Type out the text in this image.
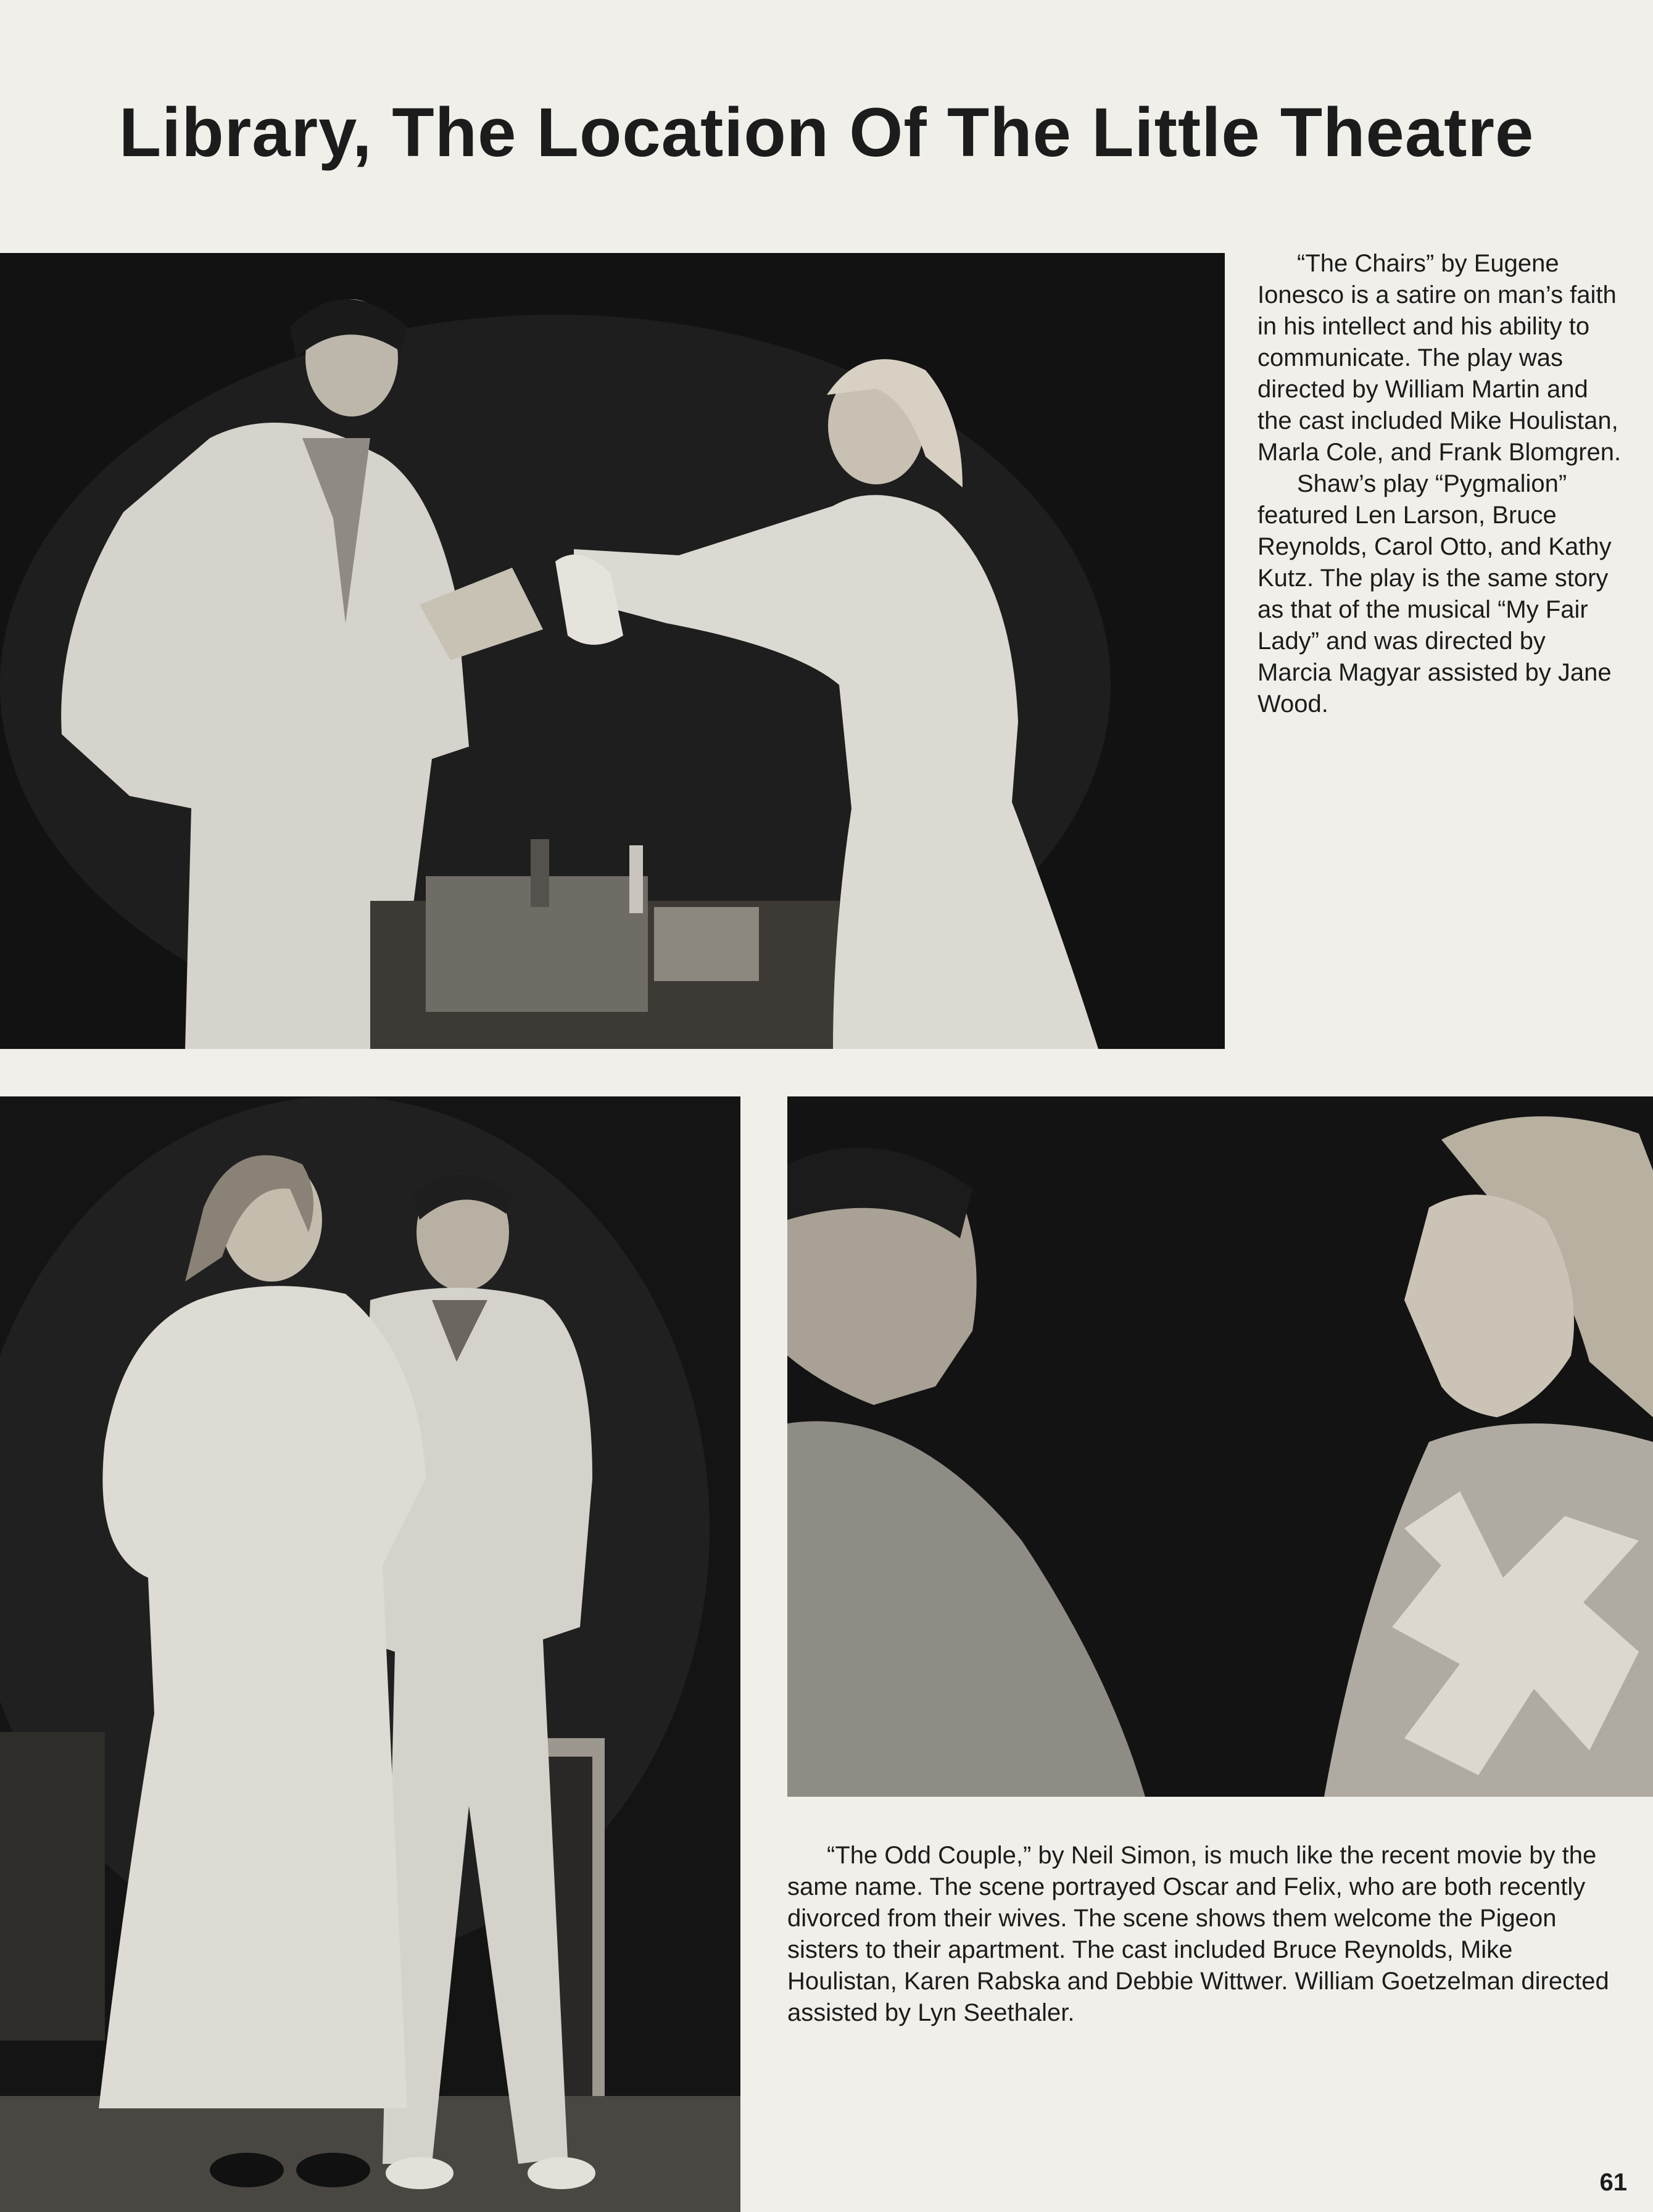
Library, The Location Of The Little Theatre

“The Chairs” by Eugene Ionesco is a satire on man’s faith in his intellect and his ability to communicate. The play was directed by William Martin and the cast included Mike Houlistan, Marla Cole, and Frank Blomgren.

Shaw’s play “Pygmalion” featured Len Larson, Bruce Reynolds, Carol Otto, and Kathy Kutz. The play is the same story as that of the musical “My Fair Lady” and was directed by Marcia Magyar assisted by Jane Wood.

“The Odd Couple,” by Neil Simon, is much like the recent movie by the same name. The scene portrayed Oscar and Felix, who are both recently divorced from their wives. The scene shows them welcome the Pigeon sisters to their apartment. The cast included Bruce Reynolds, Mike Houlistan, Karen Rabska and Debbie Wittwer. William Goetzelman directed assisted by Lyn Seethaler.

61
